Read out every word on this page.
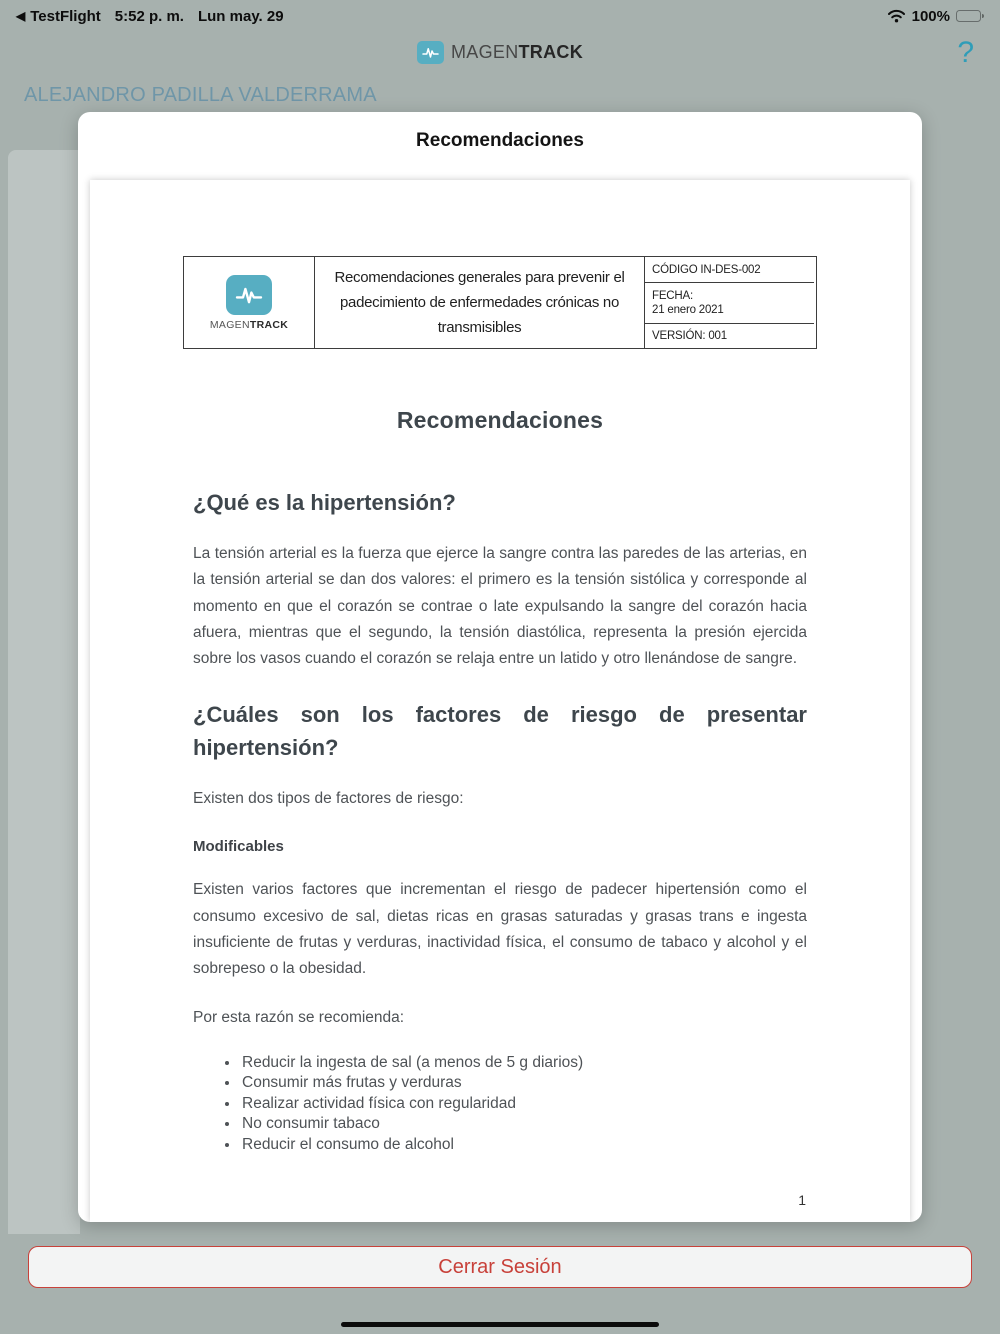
◀ TestFlight 5:52 p. m. Lun may. 29	100%
MAGENTRACK	?
ALEJANDRO PADILLA VALDERRAMA
Recomendaciones
MAGENTRACK
Recomendaciones generales para prevenir el padecimiento de enfermedades crónicas no transmisibles
CÓDIGO IN-DES-002
FECHA:
21 enero 2021
VERSIÓN: 001
Recomendaciones
¿Qué es la hipertensión?

La tensión arterial es la fuerza que ejerce la sangre contra las paredes de las arterias, en la tensión arterial se dan dos valores: el primero es la tensión sistólica y corresponde al momento en que el corazón se contrae o late expulsando la sangre del corazón hacia afuera, mientras que el segundo, la tensión diastólica, representa la presión ejercida sobre los vasos cuando el corazón se relaja entre un latido y otro llenándose de sangre.

¿Cuáles son los factores de riesgo de presentar hipertensión?

Existen dos tipos de factores de riesgo:

Modificables

Existen varios factores que incrementan el riesgo de padecer hipertensión como el consumo excesivo de sal, dietas ricas en grasas saturadas y grasas trans e ingesta insuficiente de frutas y verduras, inactividad física, el consumo de tabaco y alcohol y el sobrepeso o la obesidad.

Por esta razón se recomienda:

• Reducir la ingesta de sal (a menos de 5 g diarios)
• Consumir más frutas y verduras
• Realizar actividad física con regularidad
• No consumir tabaco
• Reducir el consumo de alcohol
1
Cerrar Sesión
